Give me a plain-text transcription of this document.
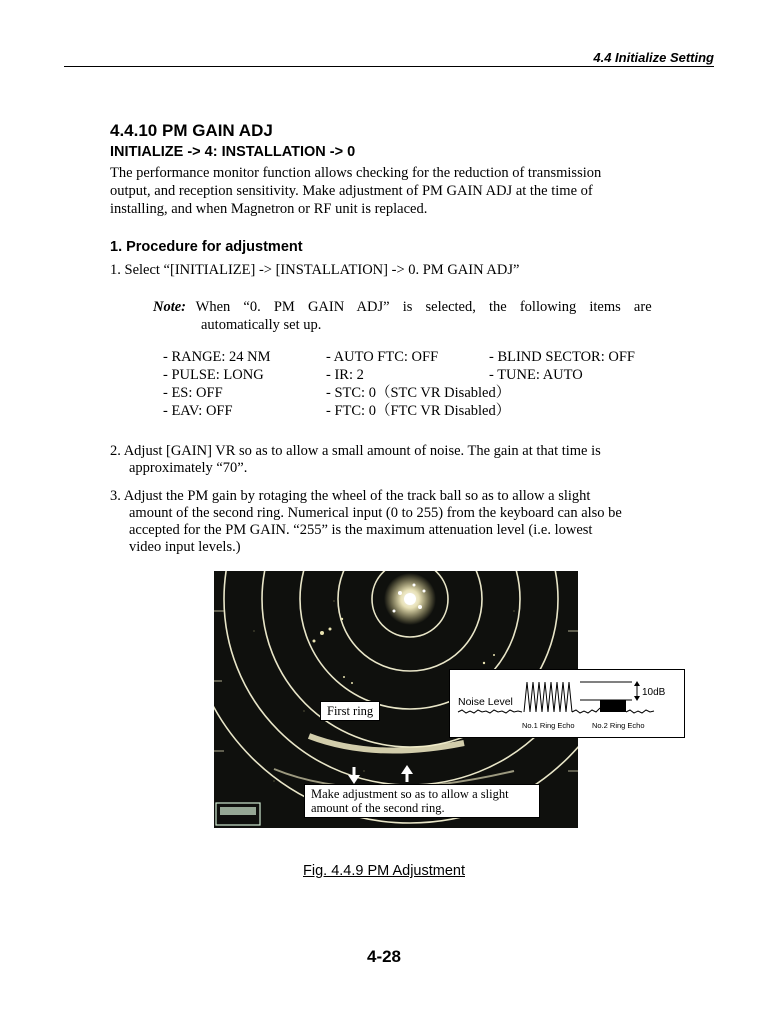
4.4 Initialize Setting
4.4.10 PM GAIN ADJ
INITIALIZE -> 4: INSTALLATION -> 0
The performance monitor function allows checking for the reduction of transmission
output, and reception sensitivity. Make adjustment of PM GAIN ADJ at the time of
installing, and when Magnetron or RF unit is replaced.
1. Procedure for adjustment
1. Select “[INITIALIZE] -> [INSTALLATION] -> 0. PM GAIN ADJ”
Note: When “0. PM GAIN ADJ” is selected, the following items are
automatically set up.
- RANGE: 24 NM
- PULSE: LONG
- ES: OFF
- EAV: OFF
- AUTO FTC: OFF
- IR: 2
- STC: 0（STC VR Disabled）
- FTC: 0（FTC VR Disabled）
- BLIND SECTOR: OFF
- TUNE: AUTO
2. Adjust [GAIN] VR so as to allow a small amount of noise. The gain at that time is
approximately “70”.
3. Adjust the PM gain by rotaging the wheel of the track ball so as to allow a slight
amount of the second ring. Numerical input (0 to 255) from the keyboard can also be
accepted for the PM GAIN. “255” is the maximum attenuation level (i.e. lowest
video input levels.)
First ring
Make adjustment so as to allow a slight
amount of the second ring.
10dB
Noise Level
No.1 Ring Echo No.2 Ring Echo
Fig. 4.4.9 PM Adjustment
4-28
